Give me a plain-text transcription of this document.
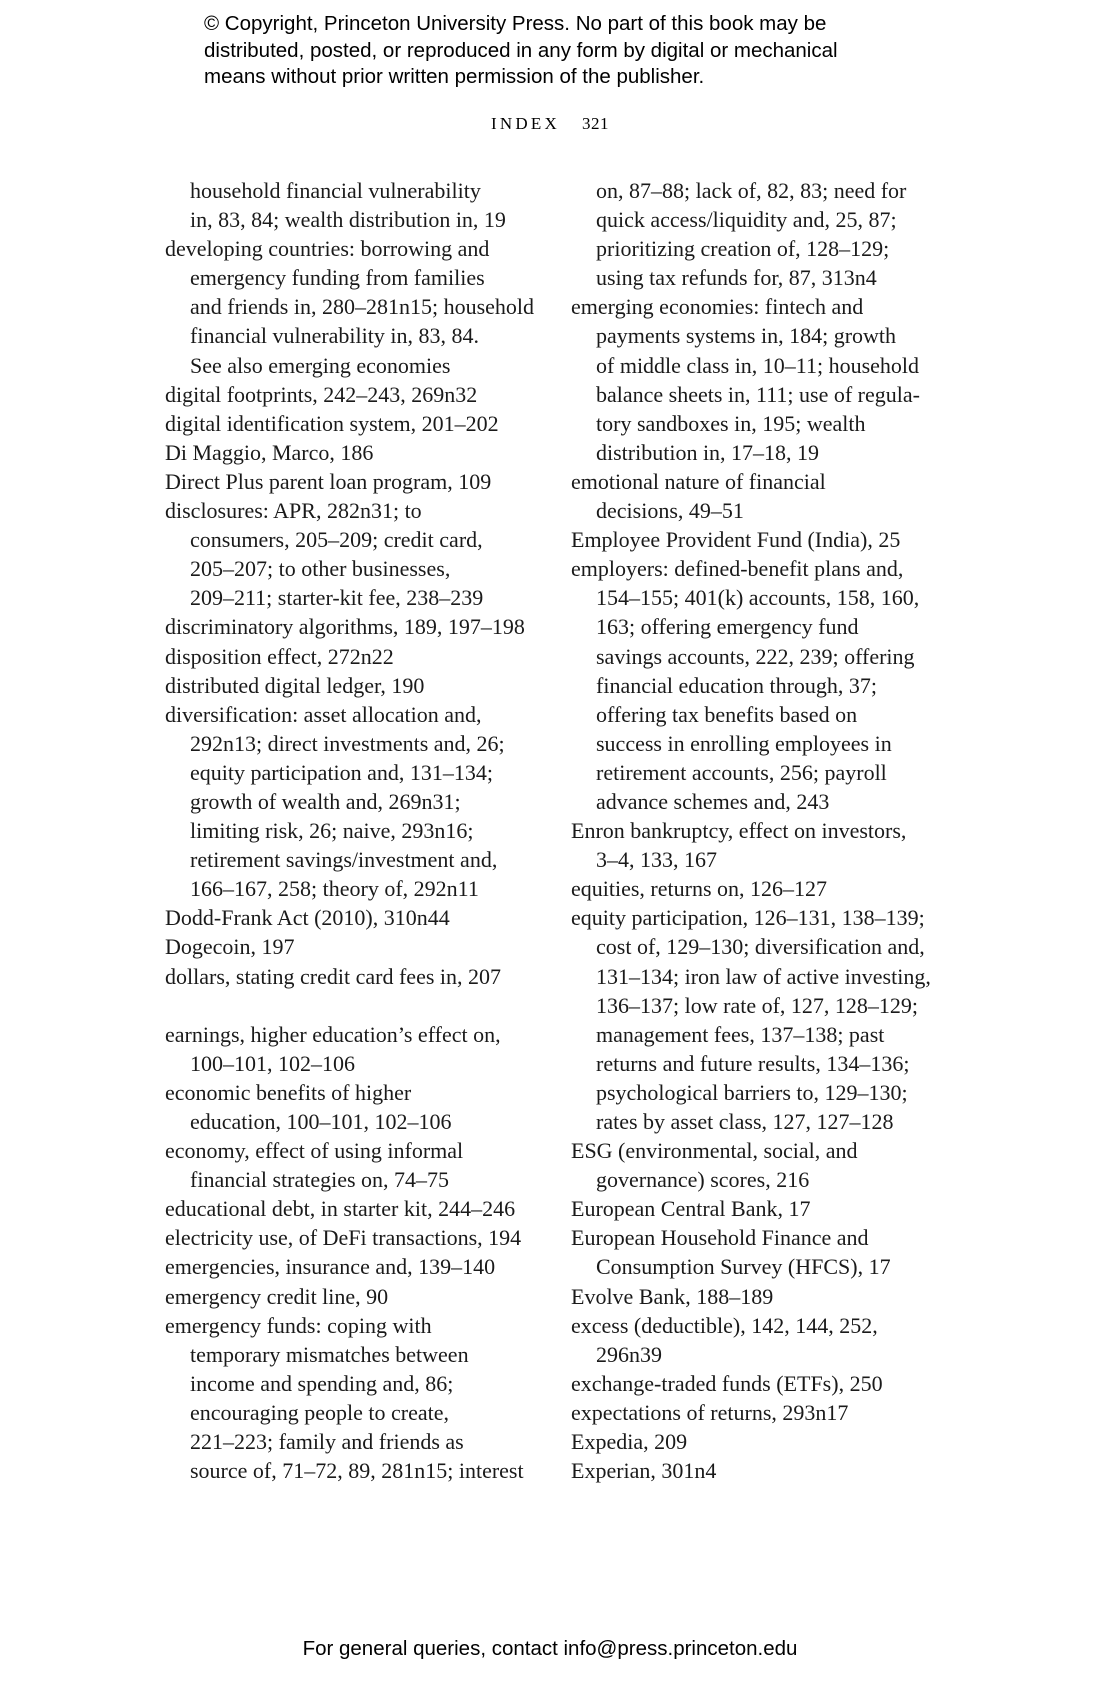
© Copyright, Princeton University Press. No part of this book may be
distributed, posted, or reproduced in any form by digital or mechanical
means without prior written permission of the publisher.
INDEX 321
household financial vulnerability
in, 83, 84; wealth distribution in, 19
developing countries: borrowing and
emergency funding from families
and friends in, 280–281n15; household
financial vulnerability in, 83, 84.
See also emerging economies
digital footprints, 242–243, 269n32
digital identification system, 201–202
Di Maggio, Marco, 186
Direct Plus parent loan program, 109
disclosures: APR, 282n31; to
consumers, 205–209; credit card,
205–207; to other businesses,
209–211; starter-kit fee, 238–239
discriminatory algorithms, 189, 197–198
disposition effect, 272n22
distributed digital ledger, 190
diversification: asset allocation and,
292n13; direct investments and, 26;
equity participation and, 131–134;
growth of wealth and, 269n31;
limiting risk, 26; naive, 293n16;
retirement savings/investment and,
166–167, 258; theory of, 292n11
Dodd-Frank Act (2010), 310n44
Dogecoin, 197
dollars, stating credit card fees in, 207
earnings, higher education’s effect on,
100–101, 102–106
economic benefits of higher
education, 100–101, 102–106
economy, effect of using informal
financial strategies on, 74–75
educational debt, in starter kit, 244–246
electricity use, of DeFi transactions, 194
emergencies, insurance and, 139–140
emergency credit line, 90
emergency funds: coping with
temporary mismatches between
income and spending and, 86;
encouraging people to create,
221–223; family and friends as
source of, 71–72, 89, 281n15; interest
on, 87–88; lack of, 82, 83; need for
quick access/liquidity and, 25, 87;
prioritizing creation of, 128–129;
using tax refunds for, 87, 313n4
emerging economies: fintech and
payments systems in, 184; growth
of middle class in, 10–11; household
balance sheets in, 111; use of regula-
tory sandboxes in, 195; wealth
distribution in, 17–18, 19
emotional nature of financial
decisions, 49–51
Employee Provident Fund (India), 25
employers: defined-benefit plans and,
154–155; 401(k) accounts, 158, 160,
163; offering emergency fund
savings accounts, 222, 239; offering
financial education through, 37;
offering tax benefits based on
success in enrolling employees in
retirement accounts, 256; payroll
advance schemes and, 243
Enron bankruptcy, effect on investors,
3–4, 133, 167
equities, returns on, 126–127
equity participation, 126–131, 138–139;
cost of, 129–130; diversification and,
131–134; iron law of active investing,
136–137; low rate of, 127, 128–129;
management fees, 137–138; past
returns and future results, 134–136;
psychological barriers to, 129–130;
rates by asset class, 127, 127–128
ESG (environmental, social, and
governance) scores, 216
European Central Bank, 17
European Household Finance and
Consumption Survey (HFCS), 17
Evolve Bank, 188–189
excess (deductible), 142, 144, 252,
296n39
exchange-traded funds (ETFs), 250
expectations of returns, 293n17
Expedia, 209
Experian, 301n4
For general queries, contact info@press.princeton.edu
